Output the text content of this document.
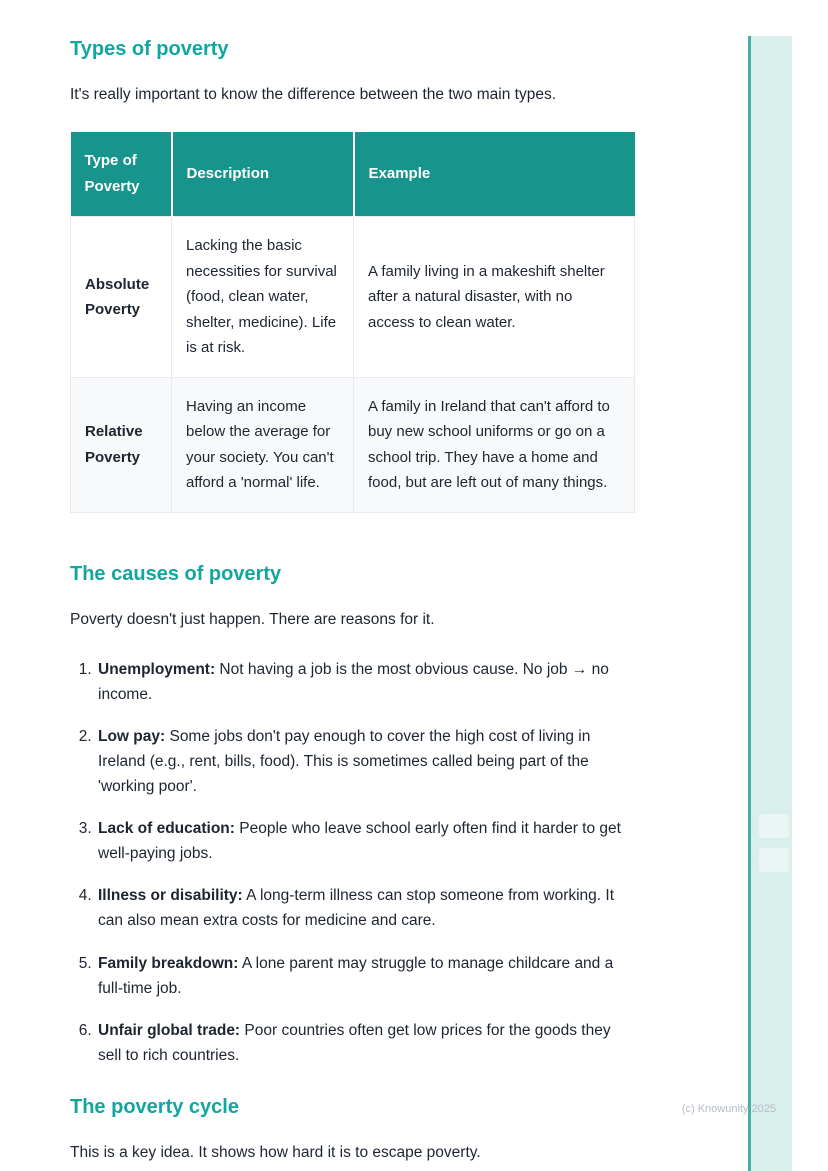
Types of poverty

It's really important to know the difference between the two main types.

Type of Poverty	Description	Example
Absolute Poverty	Lacking the basic necessities for survival (food, clean water, shelter, medicine). Life is at risk.	A family living in a makeshift shelter after a natural disaster, with no access to clean water.
Relative Poverty	Having an income below the average for your society. You can't afford a 'normal' life.	A family in Ireland that can't afford to buy new school uniforms or go on a school trip. They have a home and food, but are left out of many things.
The causes of poverty

Poverty doesn't just happen. There are reasons for it.

1. Unemployment: Not having a job is the most obvious cause. No job → no income.
2. Low pay: Some jobs don't pay enough to cover the high cost of living in Ireland (e.g., rent, bills, food). This is sometimes called being part of the 'working poor'.
3. Lack of education: People who leave school early often find it harder to get well-paying jobs.
4. Illness or disability: A long-term illness can stop someone from working. It can also mean extra costs for medicine and care.
5. Family breakdown: A lone parent may struggle to manage childcare and a full-time job.
6. Unfair global trade: Poor countries often get low prices for the goods they sell to rich countries.
The poverty cycle

This is a key idea. It shows how hard it is to escape poverty.

(c) Knowunity 2025
